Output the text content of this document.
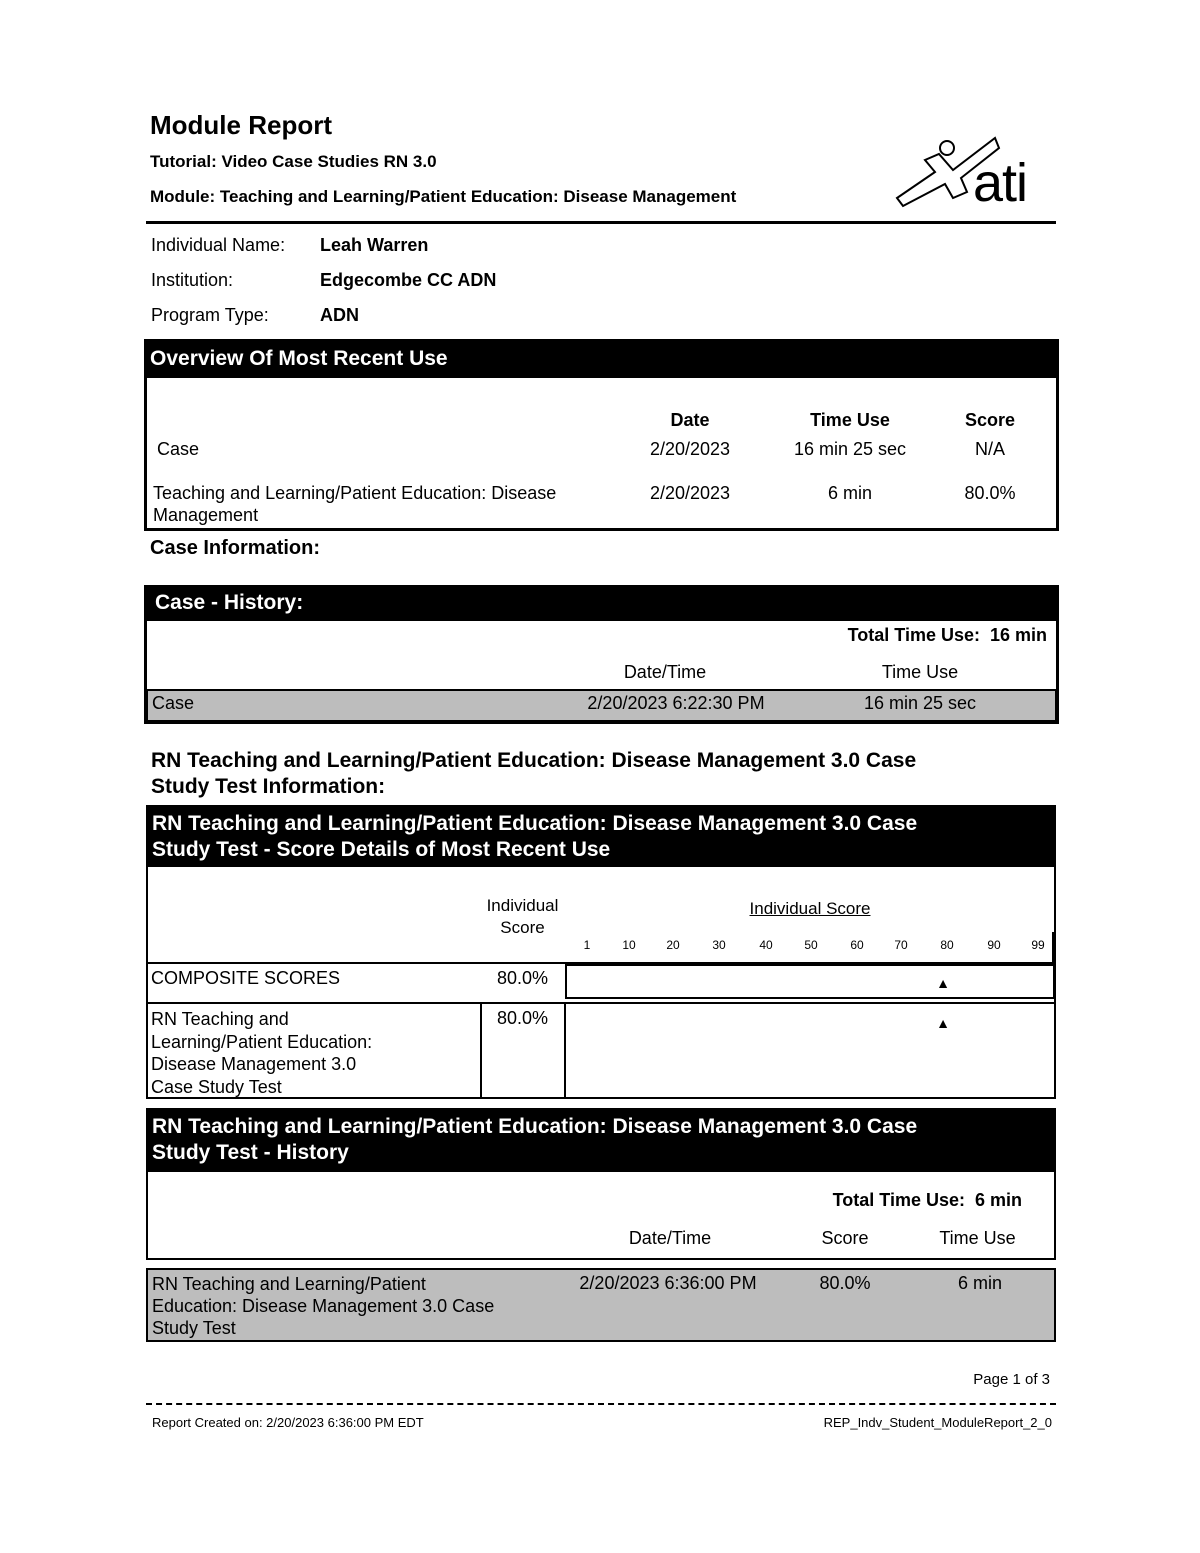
Module Report
Tutorial: Video Case Studies RN 3.0
Module: Teaching and Learning/Patient Education: Disease Management	ati
Individual Name: Leah Warren
Institution:	Edgecombe CC ADN
Program Type:	ADN
Overview Of Most Recent Use
Date	Time Use	Score
Case	2/20/2023	16 min 25 sec	N/A
Teaching and Learning/Patient Education: Disease
Management
2/20/2023	6 min	80.0%
Case Information:
Case - History:
Total Time Use:  16 min
Date/Time	Time Use
Case	2/20/2023 6:22:30 PM	16 min 25 sec
RN Teaching and Learning/Patient Education: Disease Management 3.0 Case
Study Test Information:
RN Teaching and Learning/Patient Education: Disease Management 3.0 Case
Study Test - Score Details of Most Recent Use
Individual
Score
Individual Score
1	10	20	30	40	50	60	70	80	90	99
COMPOSITE SCORES	80.0%	▲
RN Teaching and
Learning/Patient Education:
Disease Management 3.0
Case Study Test
80.0%	▲
RN Teaching and Learning/Patient Education: Disease Management 3.0 Case
Study Test - History
Total Time Use:  6 min
Date/Time	Score	Time Use
RN Teaching and Learning/Patient
Education: Disease Management 3.0 Case
Study Test
2/20/2023 6:36:00 PM	80.0%	6 min
Page 1 of 3
Report Created on: 2/20/2023 6:36:00 PM EDT	REP_Indv_Student_ModuleReport_2_0
